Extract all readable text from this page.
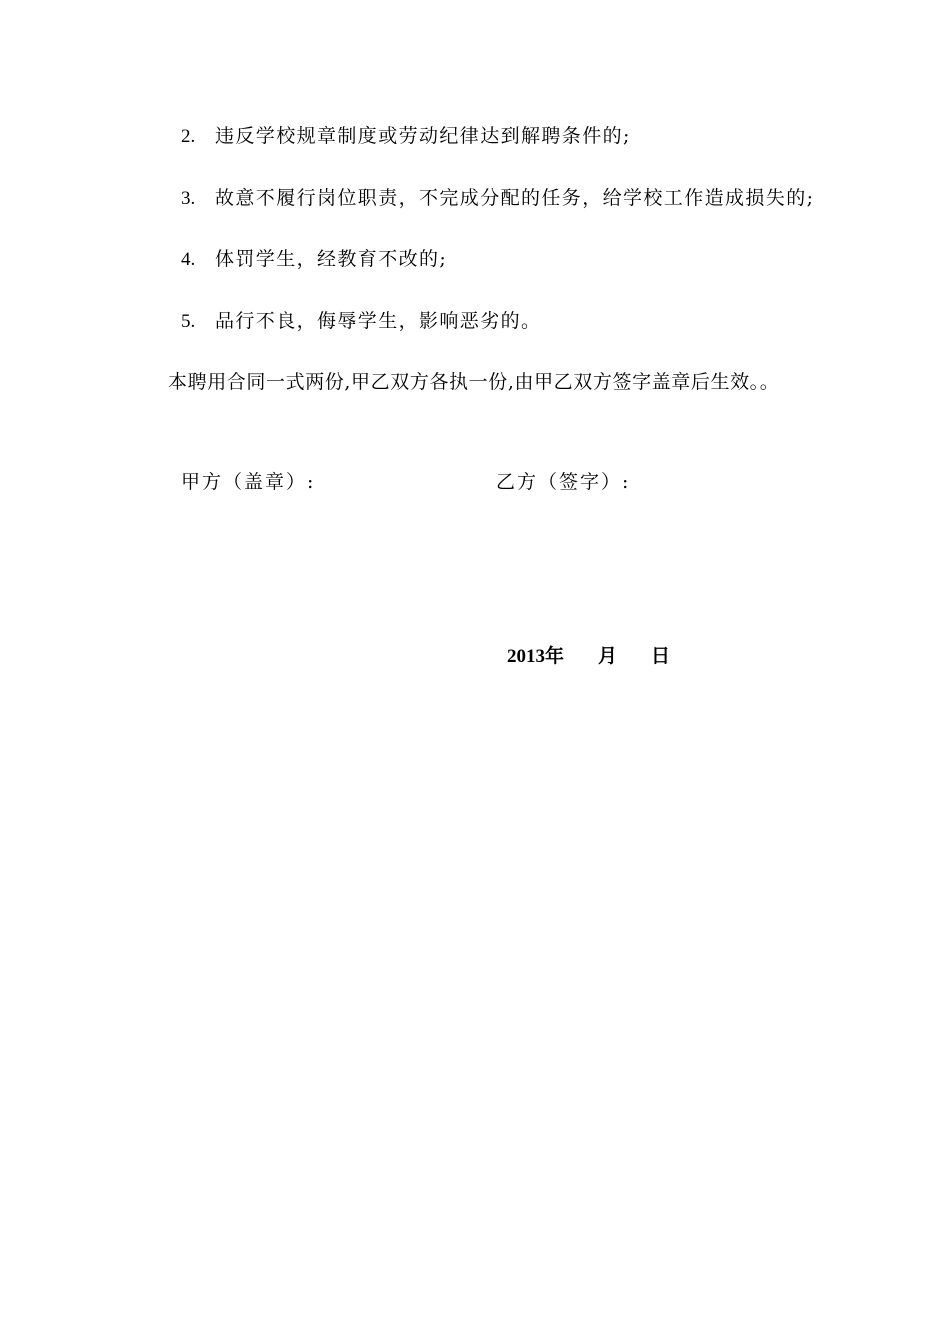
2. 违反学校规章制度或劳动纪律达到解聘条件的;
3. 故意不履行岗位职责，不完成分配的任务，给学校工作造成损失的;
4. 体罚学生，经教育不改的;
5. 品行不良，侮辱学生，影响恶劣的。
本聘用合同一式两份,甲乙双方各执一份,由甲乙双方签字盖章后生效。。
甲方（盖章）:	乙方（签字）:
2013年 月 日
